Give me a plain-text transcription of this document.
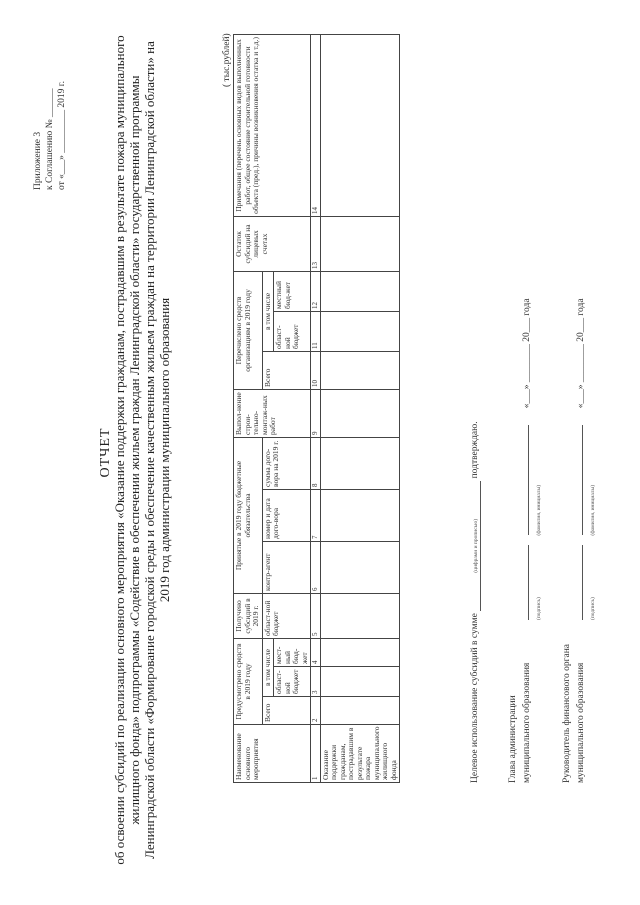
Приложение 3 к Соглашению № ______ от «___» _________ 2019 г.
ОТЧЕТ об освоении субсидий по реализации основного мероприятия «Оказание поддержки гражданам, пострадавшим в результате пожара муниципального жилищного фонда» подпрограммы «Содействие в обеспечении жильем граждан Ленинградской области» государственной программы Ленинградской области «Формирование городской среды и обеспечение качественным жильем граждан на территории Ленинградской области» на 2019 год администрации муниципального образования
( тыс.рублей)
Наименование основного мероприятия	Предусмотрено средств в 2019 году			Получено субсидий в 2019 г.	Принятые в 2019 году бюджетные обязательства			Выпол-нение строи-тельно-монтаж-ных работ	Перечислено средств организациям в 2019 году			Остаток субсидий на лицевых счетах	Примечания (перечень основных видов выполненных работ, общее состояние строительной готовности объекта (пред.), причины возникновения остатка и т.д.)
	Всего	в том числе		област-ной бюджет	контр-агент	номер и дата дого-вора	сумма дого-вора на 2019 г.		Всего	в том числе			
		област-ной бюджет	мест-ный бюд-жет							област-ной бюджет	местный бюд-жет		
1	2	3	4	5	6	7	8	9	10	11	12	13	14
Оказание поддержки гражданам, пострадавшим в результате пожара муниципального жилищного фонда														Целевое использование субсидий в сумме (цифрами и прописью) подтверждаю.
Глава администрации муниципального образования
«___» ________ 20___ года
(подпись) (фамилия, инициалы)
Руководитель финансового органа муниципального образования
«___» ________ 20___ года
(подпись) (фамилия, инициалы)
